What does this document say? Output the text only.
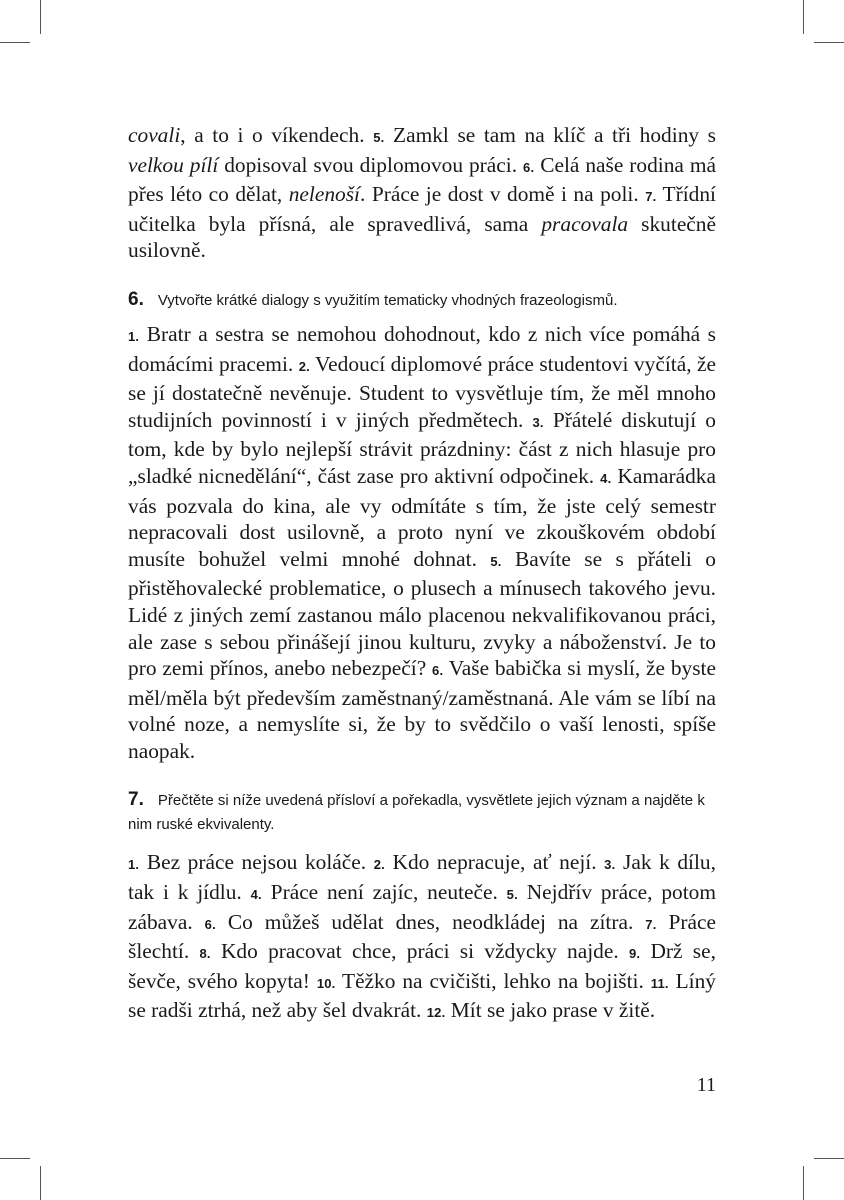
covali, a to i o víkendech. 5. Zamkl se tam na klíč a tři hodiny s velkou pílí dopisoval svou diplomovou práci. 6. Celá naše rodina má přes léto co dělat, nelenoší. Práce je dost v domě i na poli. 7. Třídní učitelka byla přísná, ale spravedlivá, sama pracovala skutečně usilovně.

6. Vytvořte krátké dialogy s využitím tematicky vhodných frazeologismů.

1. Bratr a sestra se nemohou dohodnout, kdo z nich více pomáhá s domácími pracemi. 2. Vedoucí diplomové práce studentovi vyčítá, že se jí dostatečně nevěnuje. Student to vysvětluje tím, že měl mnoho studijních povinností i v jiných předmětech. 3. Přátelé diskutují o tom, kde by bylo nejlepší strávit prázdniny: část z nich hlasuje pro „sladké nicnedělání“, část zase pro aktivní odpočinek. 4. Kamarádka vás pozvala do kina, ale vy odmítáte s tím, že jste celý semestr nepracovali dost usilovně, a proto nyní ve zkouškovém období musíte bohužel velmi mnohé dohnat. 5. Bavíte se s přáteli o přistěhovalecké problematice, o plusech a mínusech takového jevu. Lidé z jiných zemí zastanou málo placenou nekvalifikovanou práci, ale zase s sebou přinášejí jinou kulturu, zvyky a náboženství. Je to pro zemi přínos, anebo nebezpečí? 6. Vaše babička si myslí, že byste měl/měla být především zaměstnaný/zaměstnaná. Ale vám se líbí na volné noze, a nemyslíte si, že by to svědčilo o vaší lenosti, spíše naopak.

7. Přečtěte si níže uvedená přísloví a pořekadla, vysvětlete jejich význam a najděte k nim ruské ekvivalenty.

1. Bez práce nejsou koláče. 2. Kdo nepracuje, ať nejí. 3. Jak k dílu, tak i k jídlu. 4. Práce není zajíc, neuteče. 5. Nejdřív práce, potom zábava. 6. Co můžeš udělat dnes, neodkládej na zítra. 7. Práce šlechtí. 8. Kdo pracovat chce, práci si vždycky najde. 9. Drž se, ševče, svého kopyta! 10. Těžko na cvičišti, lehko na bojišti. 11. Líný se radši ztrhá, než aby šel dvakrát. 12. Mít se jako prase v žitě.

11
